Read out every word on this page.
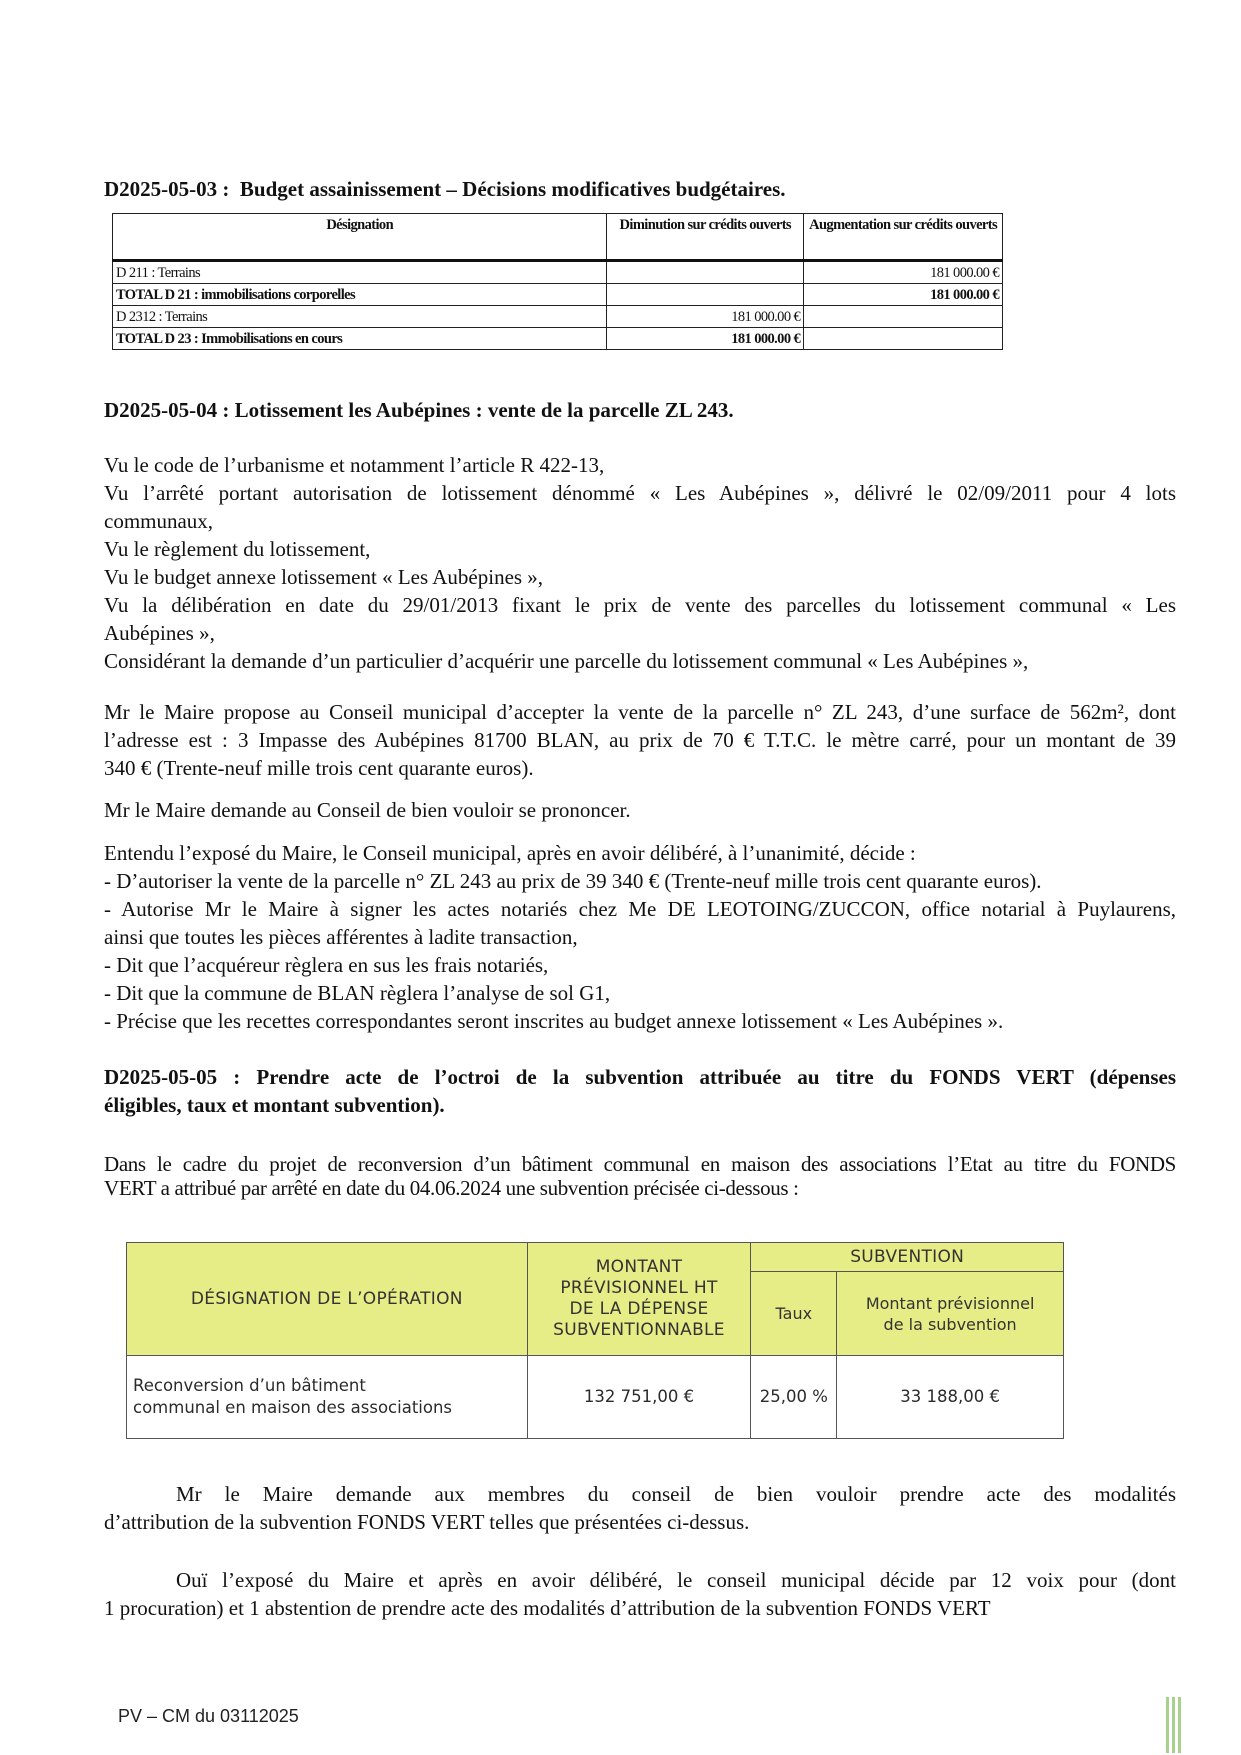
D2025-05-03 :  Budget assainissement – Décisions modificatives budgétaires.
Désignation	Diminution sur crédits ouverts	Augmentation sur crédits ouverts
D 211 : Terrains		181 000.00 €
TOTAL D 21 : immobilisations corporelles		181 000.00 €
D 2312 : Terrains	181 000.00 €	
TOTAL D 23 : Immobilisations en cours	181 000.00 €	
D2025-05-04 : Lotissement les Aubépines : vente de la parcelle ZL 243.
Vu le code de l’urbanisme et notamment l’article R 422-13,
Vu l’arrêté portant autorisation de lotissement dénommé « Les Aubépines », délivré le 02/09/2011 pour 4 lots
communaux,
Vu le règlement du lotissement,
Vu le budget annexe lotissement « Les Aubépines »,
Vu la délibération en date du 29/01/2013 fixant le prix de vente des parcelles du lotissement communal « Les
Aubépines »,
Considérant la demande d’un particulier d’acquérir une parcelle du lotissement communal « Les Aubépines »,
Mr le Maire propose au Conseil municipal d’accepter la vente de la parcelle n° ZL 243, d’une surface de 562m², dont
l’adresse est : 3 Impasse des Aubépines 81700 BLAN, au prix de 70 € T.T.C. le mètre carré, pour un montant de 39
340 € (Trente-neuf mille trois cent quarante euros).
Mr le Maire demande au Conseil de bien vouloir se prononcer.
Entendu l’exposé du Maire, le Conseil municipal, après en avoir délibéré, à l’unanimité, décide :
- D’autoriser la vente de la parcelle n° ZL 243 au prix de 39 340 € (Trente-neuf mille trois cent quarante euros).
- Autorise Mr le Maire à signer les actes notariés chez Me DE LEOTOING/ZUCCON, office notarial à Puylaurens,
ainsi que toutes les pièces afférentes à ladite transaction,
- Dit que l’acquéreur règlera en sus les frais notariés,
- Dit que la commune de BLAN règlera l’analyse de sol G1,
- Précise que les recettes correspondantes seront inscrites au budget annexe lotissement « Les Aubépines ».
D2025-05-05 : Prendre acte de l’octroi de la subvention attribuée au titre du FONDS VERT (dépenses
éligibles, taux et montant subvention).
Dans le cadre du projet de reconversion d’un bâtiment communal en maison des associations l’Etat au titre du FONDS
VERT a attribué par arrêté en date du 04.06.2024 une subvention précisée ci-dessous :
DÉSIGNATION DE L’OPÉRATION	MONTANT
PRÉVISIONNEL HT
DE LA DÉPENSE
SUBVENTIONNABLE	SUBVENTION	
		Taux	Montant prévisionnel
de la subvention

Reconversion d’un bâtiment
communal en maison des associations	132 751,00 €	25,00 %	33 188,00 €
Mr le Maire demande aux membres du conseil de bien vouloir prendre acte des modalités
d’attribution de la subvention FONDS VERT telles que présentées ci-dessus.
Ouï l’exposé du Maire et après en avoir délibéré, le conseil municipal décide par 12 voix pour (dont
1 procuration) et 1 abstention de prendre acte des modalités d’attribution de la subvention FONDS VERT
PV – CM du 03112025
